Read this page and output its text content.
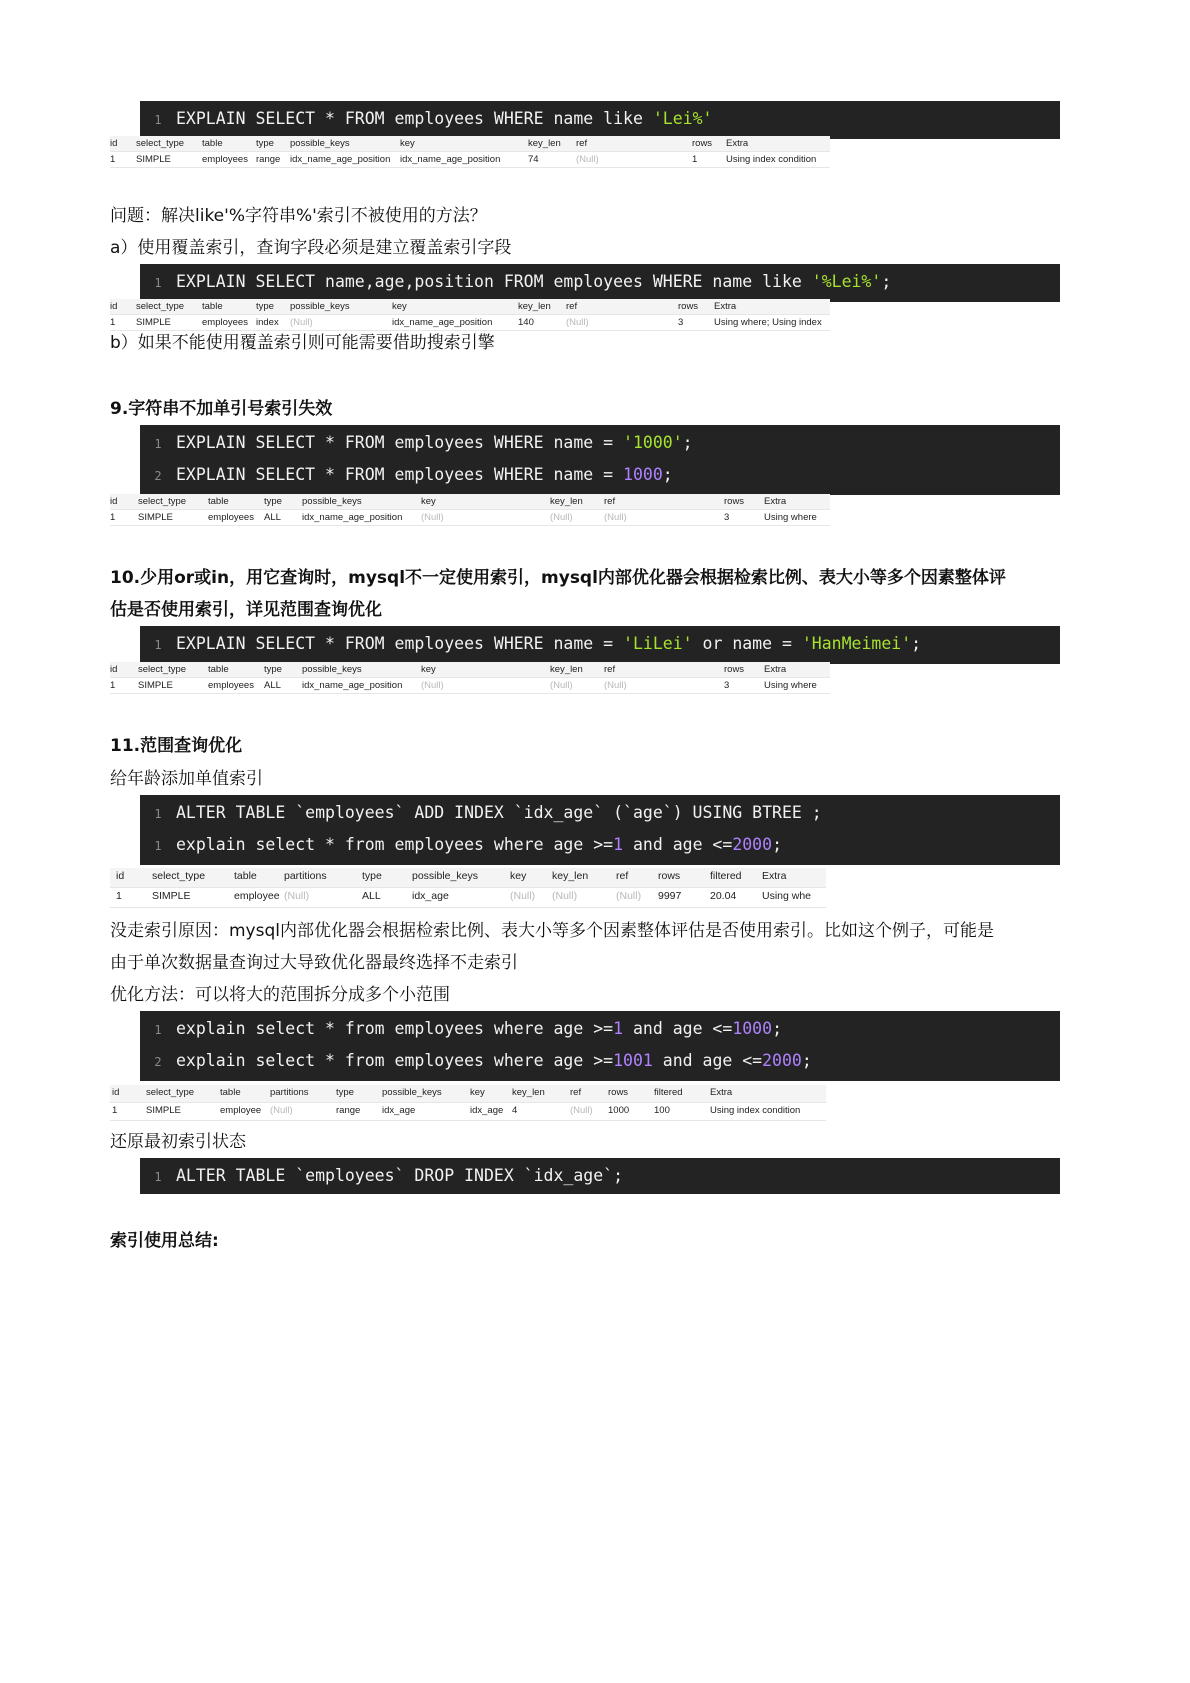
1 EXPLAIN SELECT * FROM employees WHERE name like 'Lei%'
id select_type table	type possible_keys	key	key_len ref	rows Extra
1 SIMPLE	employees range idx_name_age_position idx_name_age_position	74	(Null)	1	Using index condition
问题：解决like'%字符串%'索引不被使用的方法？
a）使用覆盖索引，查询字段必须是建立覆盖索引字段
1 EXPLAIN SELECT name,age,position FROM employees WHERE name like '%Lei%';
id select_type table	type possible_keys	key	key_len ref	rows Extra
1 SIMPLE	employees index (Null)	idx_name_age_position	140	(Null)	3	Using where; Using index
b）如果不能使用覆盖索引则可能需要借助搜索引擎
9.字符串不加单引号索引失效
1 EXPLAIN SELECT * FROM employees WHERE name = '1000';
2 EXPLAIN SELECT * FROM employees WHERE name = 1000;
id select_type table	type possible_keys	key	key_len ref	rows Extra
1 SIMPLE	employees ALL idx_name_age_position (Null)	(Null)	(Null)	3	Using where
10.少用or或in，用它查询时，mysql不一定使用索引，mysql内部优化器会根据检索比例、表大小等多个因素整体评
估是否使用索引，详见范围查询优化
1 EXPLAIN SELECT * FROM employees WHERE name = 'LiLei' or name = 'HanMeimei';
id select_type table	type possible_keys	key	key_len ref	rows Extra
1 SIMPLE	employees ALL idx_name_age_position (Null)	(Null)	(Null)	3	Using where
11.范围查询优化
给年龄添加单值索引
1 ALTER TABLE `employees` ADD INDEX `idx_age` (`age`) USING BTREE ;
1 explain select * from employees where age >=1 and age <=2000;
id	select_type	table	partitions	type	possible_keys	key key_len	ref	rows	filtered Extra
1	SIMPLE	employee (Null)	ALL	idx_age	(Null) (Null)	(Null) 9997	20.04 Using whe
没走索引原因：mysql内部优化器会根据检索比例、表大小等多个因素整体评估是否使用索引。比如这个例子，可能是
由于单次数据量查询过大导致优化器最终选择不走索引
优化方法：可以将大的范围拆分成多个小范围
1 explain select * from employees where age >=1 and age <=1000;
2 explain select * from employees where age >=1001 and age <=2000;
id	select_type	table	partitions	type	possible_keys	key	key_len	ref	rows	filtered	Extra
1	SIMPLE	employee (Null)	range idx_age	idx_age 4	(Null) 1000	100	Using index condition
还原最初索引状态
1 ALTER TABLE `employees` DROP INDEX `idx_age`;
索引使用总结:
